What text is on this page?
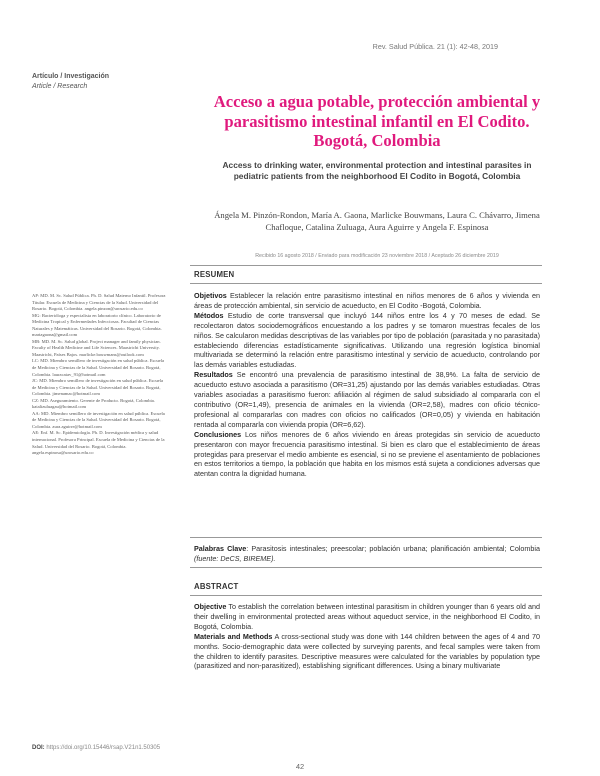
Rev. Salud Pública. 21 (1): 42-48, 2019
Artículo / Investigación
Article / Research
Acceso a agua potable, protección ambiental y parasitismo intestinal infantil en El Codito. Bogotá, Colombia
Access to drinking water, environmental protection and intestinal parasites in pediatric patients from the neighborhood El Codito in Bogotá, Colombia
Ángela M. Pinzón-Rondon, María A. Gaona, Marlicke Bouwmans, Laura C. Chávarro, Jimena Chafloque, Catalina Zuluaga, Aura Aguirre y Angela F. Espinosa
Recibido 16 agosto 2018 / Enviado para modificación 23 noviembre 2018 / Aceptado 26 diciembre 2019
RESUMEN

Objetivos Establecer la relación entre parasitismo intestinal en niños menores de 6 años y vivienda en áreas de protección ambiental, sin servicio de acueducto, en El Codito -Bogotá, Colombia.

Métodos Estudio de corte transversal que incluyó 144 niños entre los 4 y 70 meses de edad. Se recolectaron datos sociodemográficos encuestando a los padres y se tomaron muestras fecales de los niños. Se calcularon medidas descriptivas de las variables por tipo de población (parasitada y no parasitada) estableciendo diferencias estadísticamente significativas. Utilizando una regresión logística binomial multivariada se determinó la relación entre parasitismo intestinal y servicio de acueducto, controlando por las demás variables estudiadas.

Resultados Se encontró una prevalencia de parasitismo intestinal de 38,9%. La falta de servicio de acueducto estuvo asociada a parasitismo (OR=31,25) ajustando por las demás variables estudiadas. Otras variables asociadas a parasitismo fueron: afiliación al régimen de salud subsidiado al compararla con el contributivo (OR=1,49), presencia de animales en la vivienda (OR=2,58), madres con oficio técnico-profesional al compararlas con madres con oficios no calificados (OR=0,05) y vivienda en habitación rentada al compararla con vivienda propia (OR=6,62).

Conclusiones Los niños menores de 6 años viviendo en áreas protegidas sin servicio de acueducto presentaron con mayor frecuencia parasitismo intestinal. Si bien es claro que el establecimiento de áreas protegidas para preservar el medio ambiente es esencial, si no se previene el asentamiento de poblaciones en estos territorios a tiempo, la población que habita en los mismos está sujeta a condiciones adversas que atentan contra la dignidad humana.

Palabras Clave: Parasitosis intestinales; preescolar; población urbana; planificación ambiental; Colombia (fuente: DeCS, BIREME).

ABSTRACT

Objective To establish the correlation between intestinal parasitism in children younger than 6 years old and their dwelling in environmental protected areas without aqueduct service, in the neighborhood El Codito, in Bogotá, Colombia.

Materials and Methods A cross-sectional study was done with 144 children between the ages of 4 and 70 months. Socio-demographic data were collected by surveying parents, and fecal samples were taken from the children to identify parasites. Descriptive measures were calculated for the variables by population type (parasitized and non-parasitized), establishing significant differences. Using a binary multivariate

AP: MD. M. Sc. Salud Pública. Ph. D. Salud Materno Infantil. Profesora Titular. Escuela de Medicina y Ciencias de la Salud. Universidad del Rosario. Bogotá, Colombia. angela.pinzon@urosario.edu.co

MG: Bacterióloga y especialista en laboratorio clínico. Laboratorio de Medicina Tropical y Enfermedades Infecciosas. Facultad de Ciencias Naturales y Matemáticas. Universidad del Rosario. Bogotá, Colombia. mariagaona@gmail.com

MB: MD. M. Sc. Salud global. Project manager and family physician. Faculty of Health Medicine and Life Sciences. Maastricht University. Maastricht, Países Bajos. marlicke.bouwmans@outlook.com

LC: MD. Miembro semillero de investigación en salud pública. Escuela de Medicina y Ciencias de la Salud. Universidad del Rosario. Bogotá, Colombia. lauracatav_91@hotmail.com

JC: MD. Miembro semillero de investigación en salud pública. Escuela de Medicina y Ciencias de la Salud. Universidad del Rosario. Bogotá, Colombia. jimenamac@hotmail.com

CZ: MD. Aseguramiento. Gerente de Producto. Bogotá, Colombia. katalizuluagau@hotmail.com

AA: MD. Miembro semillero de investigación en salud pública. Escuela de Medicina y Ciencias de la Salud. Universidad del Rosario. Bogotá, Colombia. aura.aguirre@hotmail.com

AE: Enf. M. Sc. Epidemiología. Ph. D. Investigación médica y salud internacional. Profesora Principal. Escuela de Medicina y Ciencias de la Salud. Universidad del Rosario. Bogotá, Colombia. angela.espinosa@urosario.edu.co

DOI: https://doi.org/10.15446/rsap.V21n1.50305
42
